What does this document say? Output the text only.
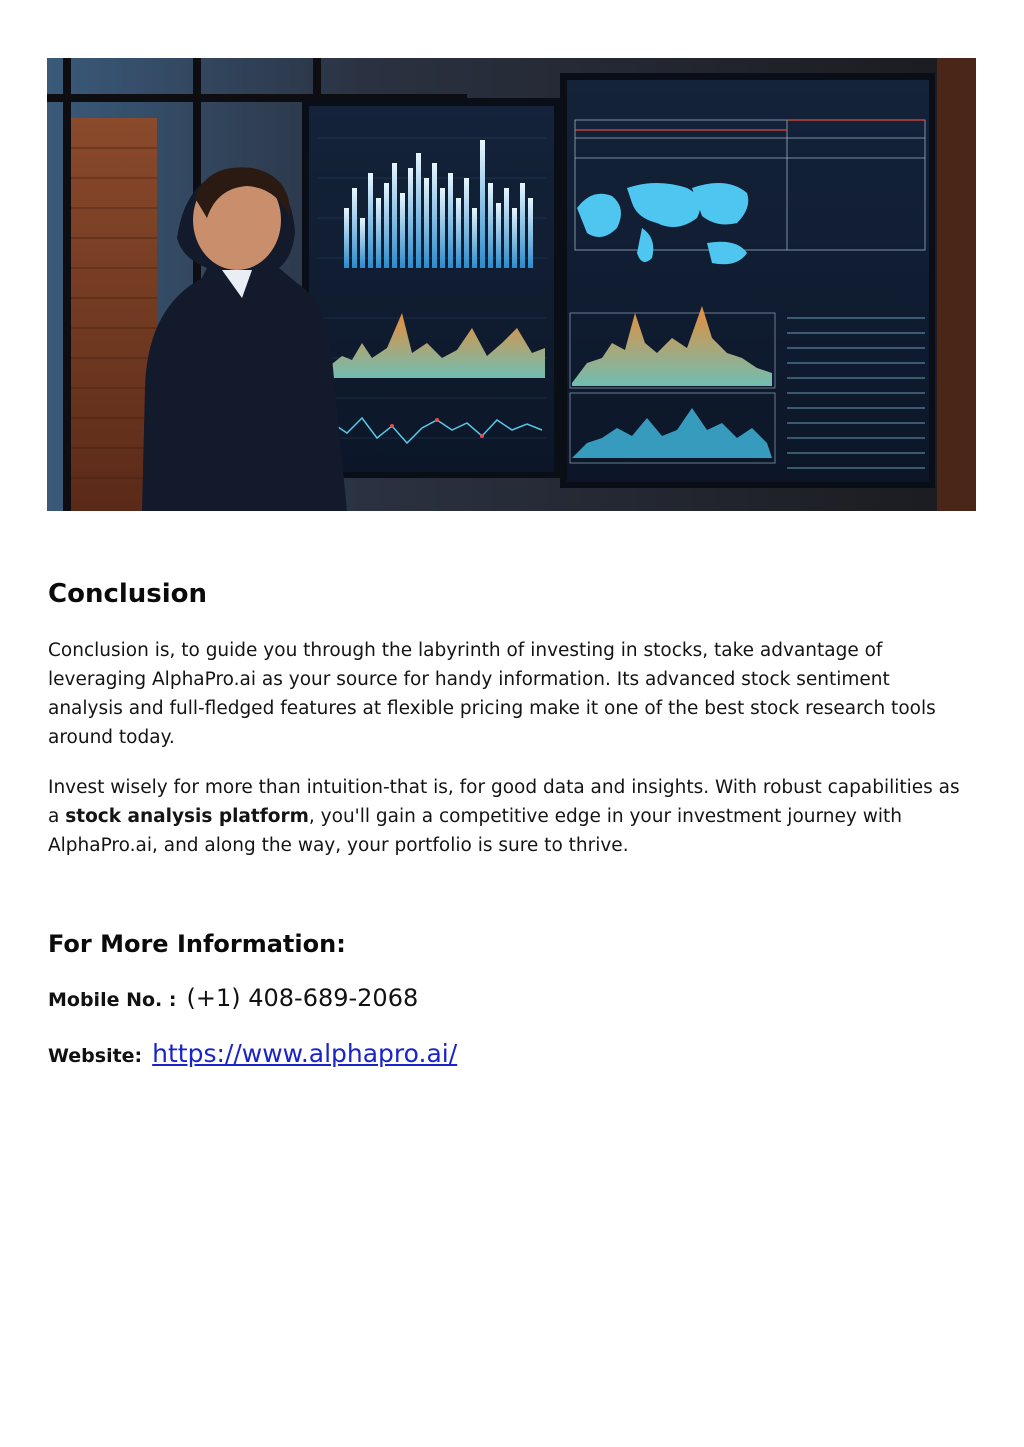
Conclusion

Conclusion is, to guide you through the labyrinth of investing in stocks, take advantage of leveraging AlphaPro.ai as your source for handy information. Its advanced stock sentiment analysis and full-fledged features at flexible pricing make it one of the best stock research tools around today.

Invest wisely for more than intuition-that is, for good data and insights. With robust capabilities as a stock analysis platform, you'll gain a competitive edge in your investment journey with AlphaPro.ai, and along the way, your portfolio is sure to thrive.

For More Information:
Mobile No. : (+1) 408-689-2068
Website: https://www.alphapro.ai/
